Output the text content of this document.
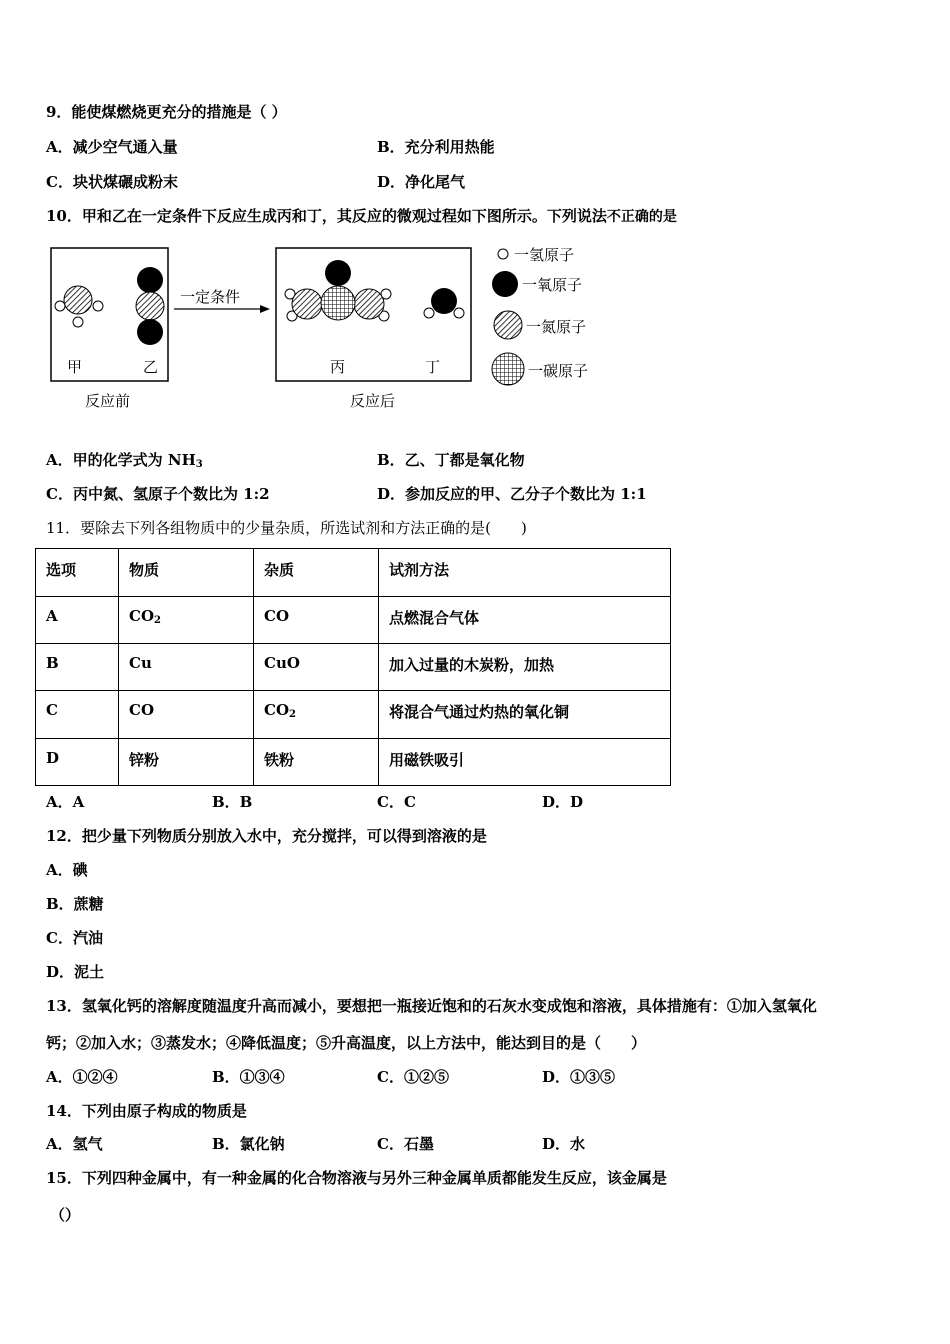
9．能使煤燃烧更充分的措施是（ ）
A．减少空气通入量	B．充分利用热能
C．块状煤碾成粉末	D．净化尾气
10．甲和乙在一定条件下反应生成丙和丁，其反应的微观过程如下图所示。下列说法不正确的是
一定条件
甲	乙	丙	丁
反应前	反应后
一氢原子
一氧原子
一氮原子
一碳原子
A．甲的化学式为 $NH_3$	B．乙、丁都是氧化物
C．丙中氮、氢原子个数比为 1:2	D．参加反应的甲、乙分子个数比为 1:1
11．要除去下列各组物质中的少量杂质，所选试剂和方法正确的是(　　)
选项	物质	杂质	试剂方法
A	$CO_2$	CO	点燃混合气体
B	Cu	CuO	加入过量的木炭粉，加热
C	CO	$CO_2$	将混合气通过灼热的氧化铜
D	锌粉	铁粉	用磁铁吸引
A．A	B．B	C．C	D．D
12．把少量下列物质分别放入水中，充分搅拌，可以得到溶液的是
A．碘
B．蔗糖
C．汽油
D．泥土
13．氢氧化钙的溶解度随温度升高而减小，要想把一瓶接近饱和的石灰水变成饱和溶液，具体措施有：①加入氢氧化
钙；②加入水；③蒸发水；④降低温度；⑤升高温度，以上方法中，能达到目的是（　　）
A．①②④	B．①③④	C．①②⑤	D．①③⑤
14．下列由原子构成的物质是
A．氢气	B．氯化钠	C．石墨	D．水
15．下列四种金属中，有一种金属的化合物溶液与另外三种金属单质都能发生反应，该金属是
（）
